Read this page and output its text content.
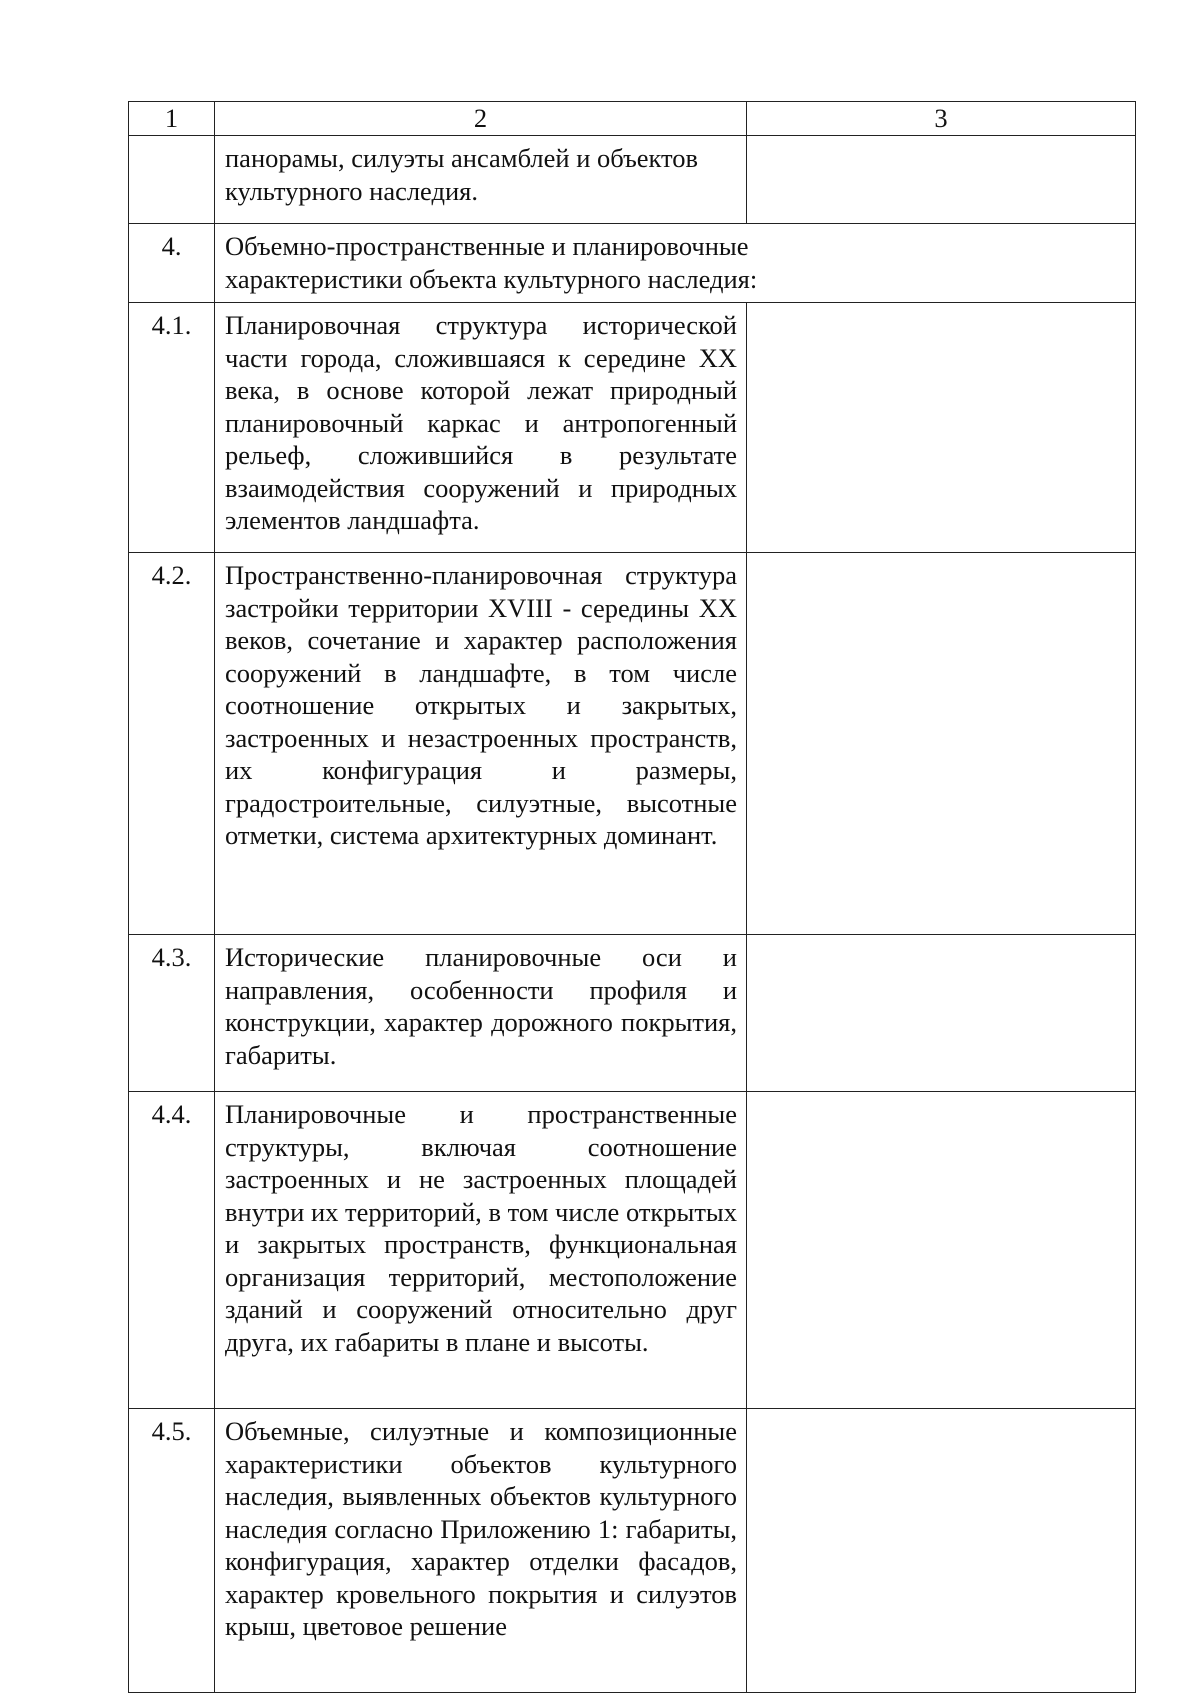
1	2	3

	панорамы, силуэты ансамблей и объектов культурного наследия.	

4.	Объемно-пространственные и планировочные характеристики объекта культурного наследия:	

4.1.	Планировочная структура исторической части города, сложившаяся к середине XX века, в основе которой лежат природный планировочный каркас и антропогенный рельеф, сложившийся в результате взаимодействия сооружений и природных элементов ландшафта.	

4.2.	Пространственно-планировочная структура застройки территории XVIII - середины XX веков, сочетание и характер расположения сооружений в ландшафте, в том числе соотношение открытых и закрытых, застроенных и незастроенных пространств, их конфигурация и размеры, градостроительные, силуэтные, высотные отметки, система архитектурных доминант.	

4.3.	Исторические планировочные оси и направления, особенности профиля и конструкции, характер дорожного покрытия, габариты.	

4.4.	Планировочные и пространственные структуры, включая соотношение застроенных и не застроенных площадей внутри их территорий, в том числе открытых и закрытых пространств, функциональная организация территорий, местоположение зданий и сооружений относительно друг друга, их габариты в плане и высоты.	

4.5.	Объемные, силуэтные и композиционные характеристики объектов культурного наследия, выявленных объектов культурного наследия согласно Приложению 1: габариты, конфигурация, характер отделки фасадов, характер кровельного покрытия и силуэтов крыш, цветовое решение	
